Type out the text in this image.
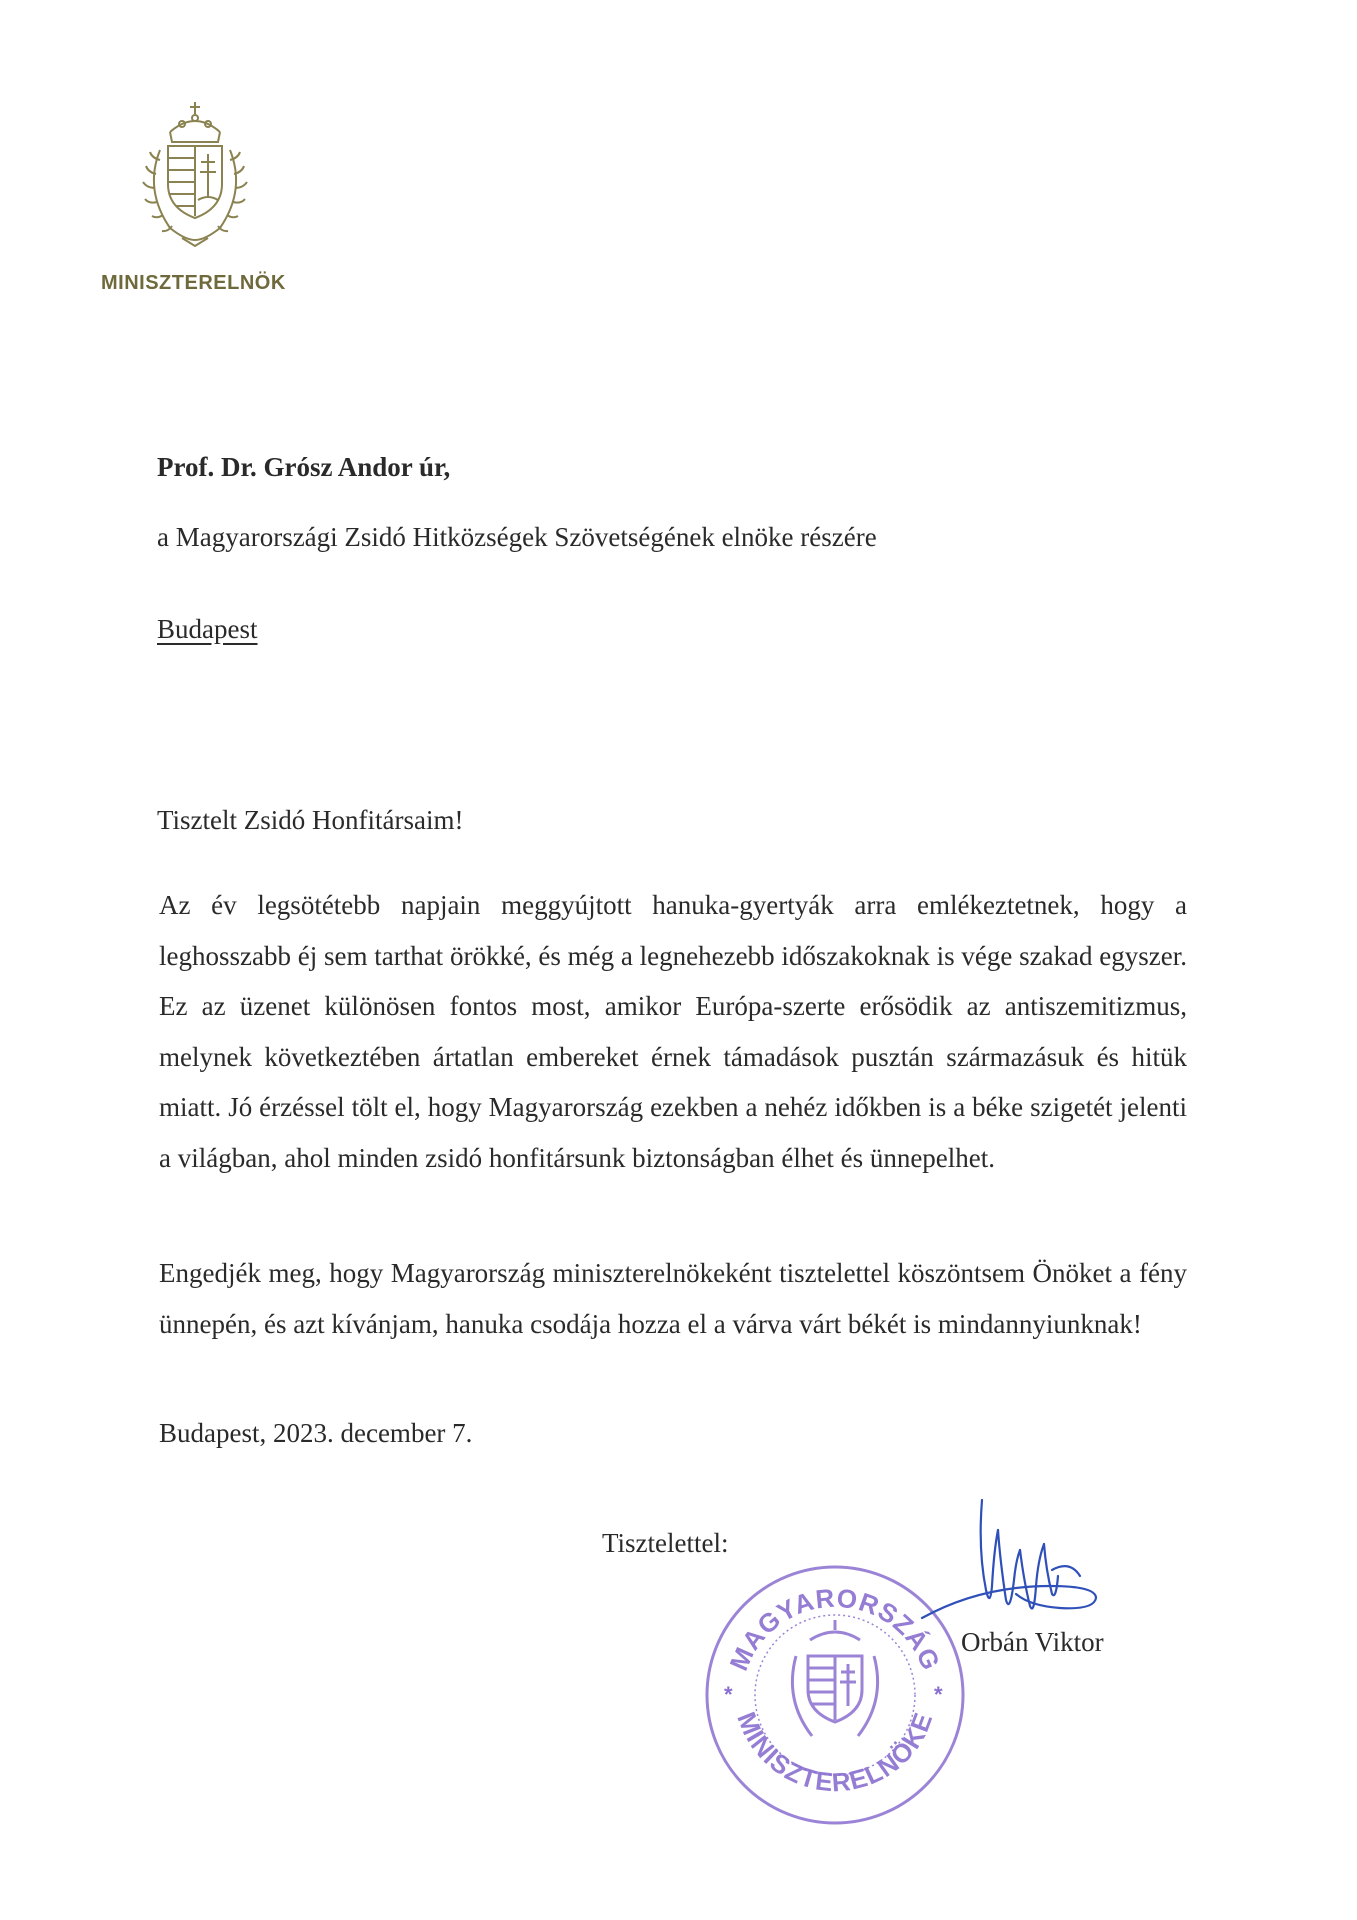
MINISZTERELNÖK
Prof. Dr. Grósz Andor úr,
a Magyarországi Zsidó Hitközségek Szövetségének elnöke részére
Budapest
Tisztelt Zsidó Honfitársaim!

Az év legsötétebb napjain meggyújtott hanuka-gyertyák arra emlékeztetnek, hogy a leghosszabb éj sem tarthat örökké, és még a legnehezebb időszakoknak is vége szakad egyszer. Ez az üzenet különösen fontos most, amikor Európa-szerte erősödik az antiszemitizmus, melynek következtében ártatlan embereket érnek támadások pusztán származásuk és hitük miatt. Jó érzéssel tölt el, hogy Magyarország ezekben a nehéz időkben is a béke szigetét jelenti a világban, ahol minden zsidó honfitársunk biztonságban élhet és ünnepelhet.

Engedjék meg, hogy Magyarország miniszterelnökeként tisztelettel köszöntsem Önöket a fény ünnepén, és azt kívánjam, hanuka csodája hozza el a várva várt békét is mindannyiunknak!

Budapest, 2023. december 7.
Tisztelettel:
Orbán Viktor
MAGYARORSZÁG
MINISZTERELNÖKE
*	*
